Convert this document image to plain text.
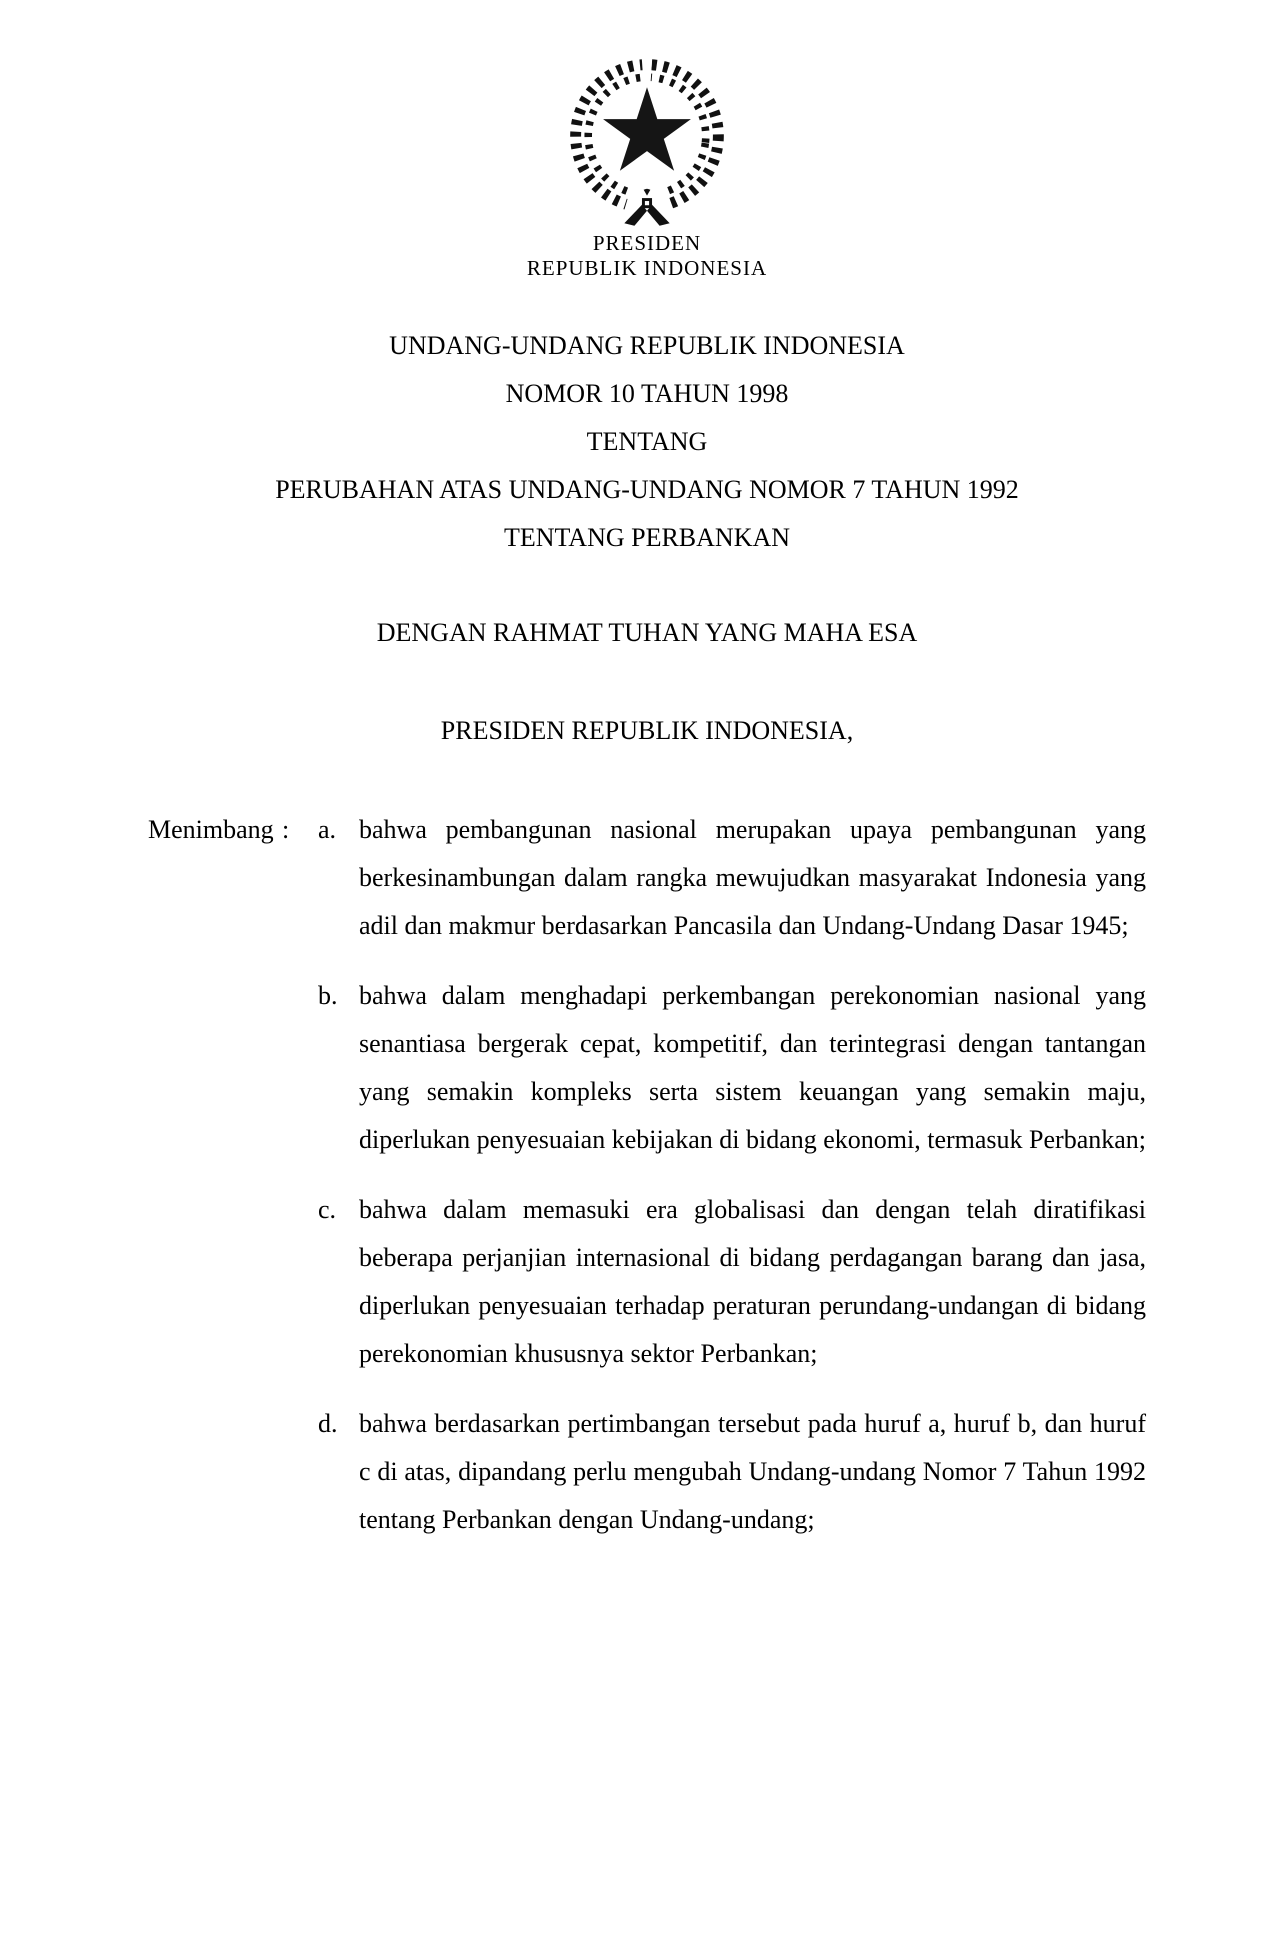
PRESIDEN
REPUBLIK INDONESIA
UNDANG-UNDANG REPUBLIK INDONESIA
NOMOR 10 TAHUN 1998
TENTANG
PERUBAHAN ATAS UNDANG-UNDANG NOMOR 7 TAHUN 1992
TENTANG PERBANKAN
DENGAN RAHMAT TUHAN YANG MAHA ESA
PRESIDEN REPUBLIK INDONESIA,
Menimbang :	a. bahwa pembangunan nasional merupakan upaya pembangunan yang berkesinambungan dalam rangka mewujudkan masyarakat Indonesia yang adil dan makmur berdasarkan Pancasila dan Undang-Undang Dasar 1945;
b. bahwa dalam menghadapi perkembangan perekonomian nasional yang senantiasa bergerak cepat, kompetitif, dan terintegrasi dengan tantangan yang semakin kompleks serta sistem keuangan yang semakin maju, diperlukan penyesuaian kebijakan di bidang ekonomi, termasuk Perbankan;
c. bahwa dalam memasuki era globalisasi dan dengan telah diratifikasi beberapa perjanjian internasional di bidang perdagangan barang dan jasa, diperlukan penyesuaian terhadap peraturan perundang-undangan di bidang perekonomian khususnya sektor Perbankan;
d. bahwa berdasarkan pertimbangan tersebut pada huruf a, huruf b, dan huruf c di atas, dipandang perlu mengubah Undang-undang Nomor 7 Tahun 1992 tentang Perbankan dengan Undang-undang;
